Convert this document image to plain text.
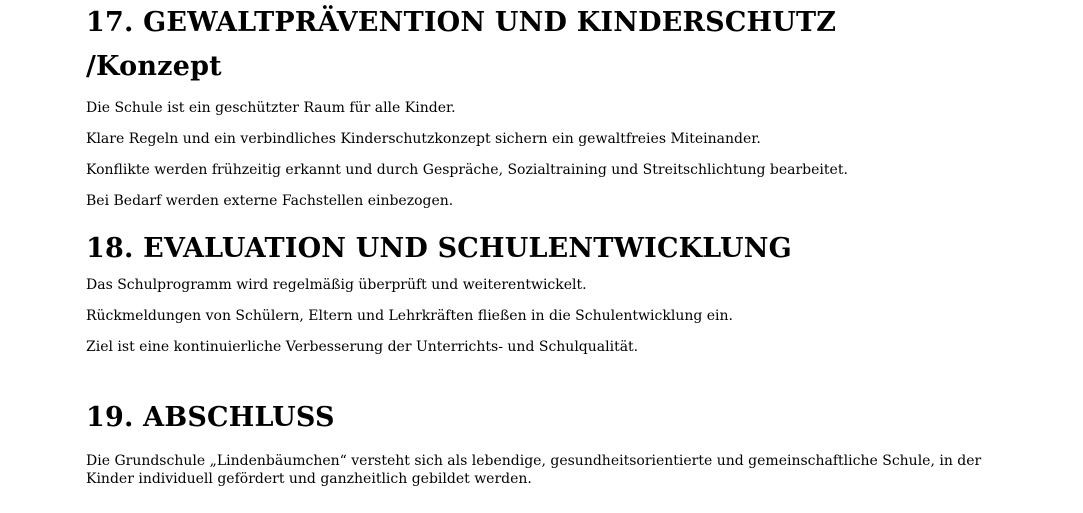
17. GEWALTPRÄVENTION UND KINDERSCHUTZ
/Konzept

Die Schule ist ein geschützter Raum für alle Kinder.

Klare Regeln und ein verbindliches Kinderschutzkonzept sichern ein gewaltfreies Miteinander.

Konflikte werden frühzeitig erkannt und durch Gespräche, Sozialtraining und Streitschlichtung bearbeitet.

Bei Bedarf werden externe Fachstellen einbezogen.

18. EVALUATION UND SCHULENTWICKLUNG

Das Schulprogramm wird regelmäßig überprüft und weiterentwickelt.

Rückmeldungen von Schülern, Eltern und Lehrkräften fließen in die Schulentwicklung ein.

Ziel ist eine kontinuierliche Verbesserung der Unterrichts- und Schulqualität.

19. ABSCHLUSS

Die Grundschule „Lindenbäumchen“ versteht sich als lebendige, gesundheitsorientierte und gemeinschaftliche Schule, in der Kinder individuell gefördert und ganzheitlich gebildet werden.
